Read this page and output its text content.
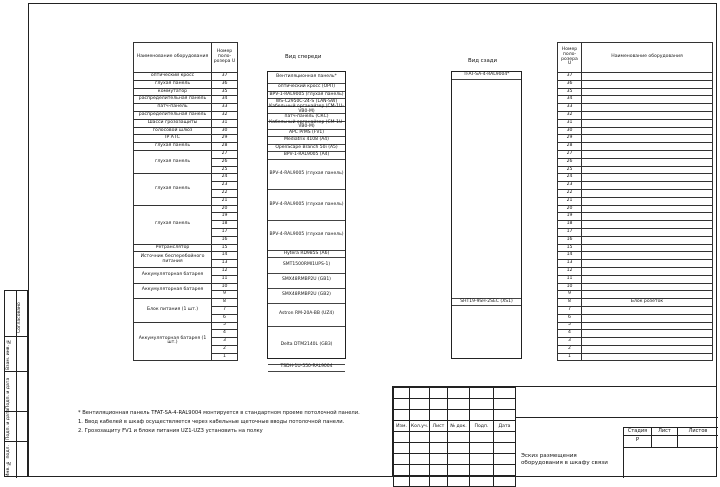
Согласовано
Взам. инв. №
Подп. и дата
Подп. и дата
Инв. № подл.
Наименование оборудования	Номер поло-розера U
оптический кросс	37
глухая панель	36
коммутатор	35
распределительная панель	34
патч-панель	33
распределительная панель	32
Шасси грозозащиты	31
голосовой шлюз	30
IP АТС	29
глухая панель	28
глухая панель	27
	26
	25
глухая панель	24
	23
	22
	21
глухая панель	20
	19
	18
	17
	16
Ретранслятор	15
Источник бесперебойного питания	14
	13
Аккумуляторная батарея	12
	11
Аккумуляторная батарея	10
	9
Блок питания (1 шт.)	8
	7
	6
Аккумуляторная батарея (1 шт.)	5
	4
	3
	2
	1
Вид спереди
Вентиляционная панель*
оптический кросс (ОРП)
BPV-1-RAL9005 (глухая панель)
WS-C2950C-24-S (LAN-SW)
Кабельный органайзер (CM-1U-VB0-M)
патч-панель (СКС)
Кабельный органайзер (CM-1U-VB0-M)
APC PrMS (FV1)
Mediatrix 4108 (A4)
OpenScape Branch 50i (A5)
BPV-1-RAL9005 (А4)
BPV-4-RAL9005 (глухая панель)
BPV-4-RAL9005 (глухая панель)
BPV-4-RAL9005 (глухая панель)
Hytera RD985S (А6)
SMT1500RMI1UPS-1)
SMX48RMBP2U (GB1)
SMX48RMBP2U (GB2)
Astron RM-20A-BB (UZ4)
Delta DTM2140L (GB3)
TSDH-1U-550-RAL9004
Вид сзади
TFAT-SA-4-RAL9004*
SHT19-9SH-2SEC (XS1)
Номер поло-розера U	Наименование оборудования
37	
36	
35	
34	
33	
32	
31	
30	
29	
28	
27	
26	
25	
24	
23	
22	
21	
20	
19	
18	
17	
16	
15	
14	
13	
12	
11	
10	
9	
8	Блок розеток
7	
6	
5	
4	
3	
2	
1	

* Вентиляционная панель TFAT-SA-4-RAL9004 монтируется в стандартном проеме потолочной панели.

1. Ввод кабелей в шкаф осуществляется через кабельные щеточные вводы потолочной панели.

2. Грозозащиту FV1 и блоки питания UZ1-UZ3 установить на полку

Изм.	Кол.уч.	Лист	№ док.	Подп.	Дата

Эскиз размещения оборудования в шкафу связи
Стадия	Лист	Листов
Р
